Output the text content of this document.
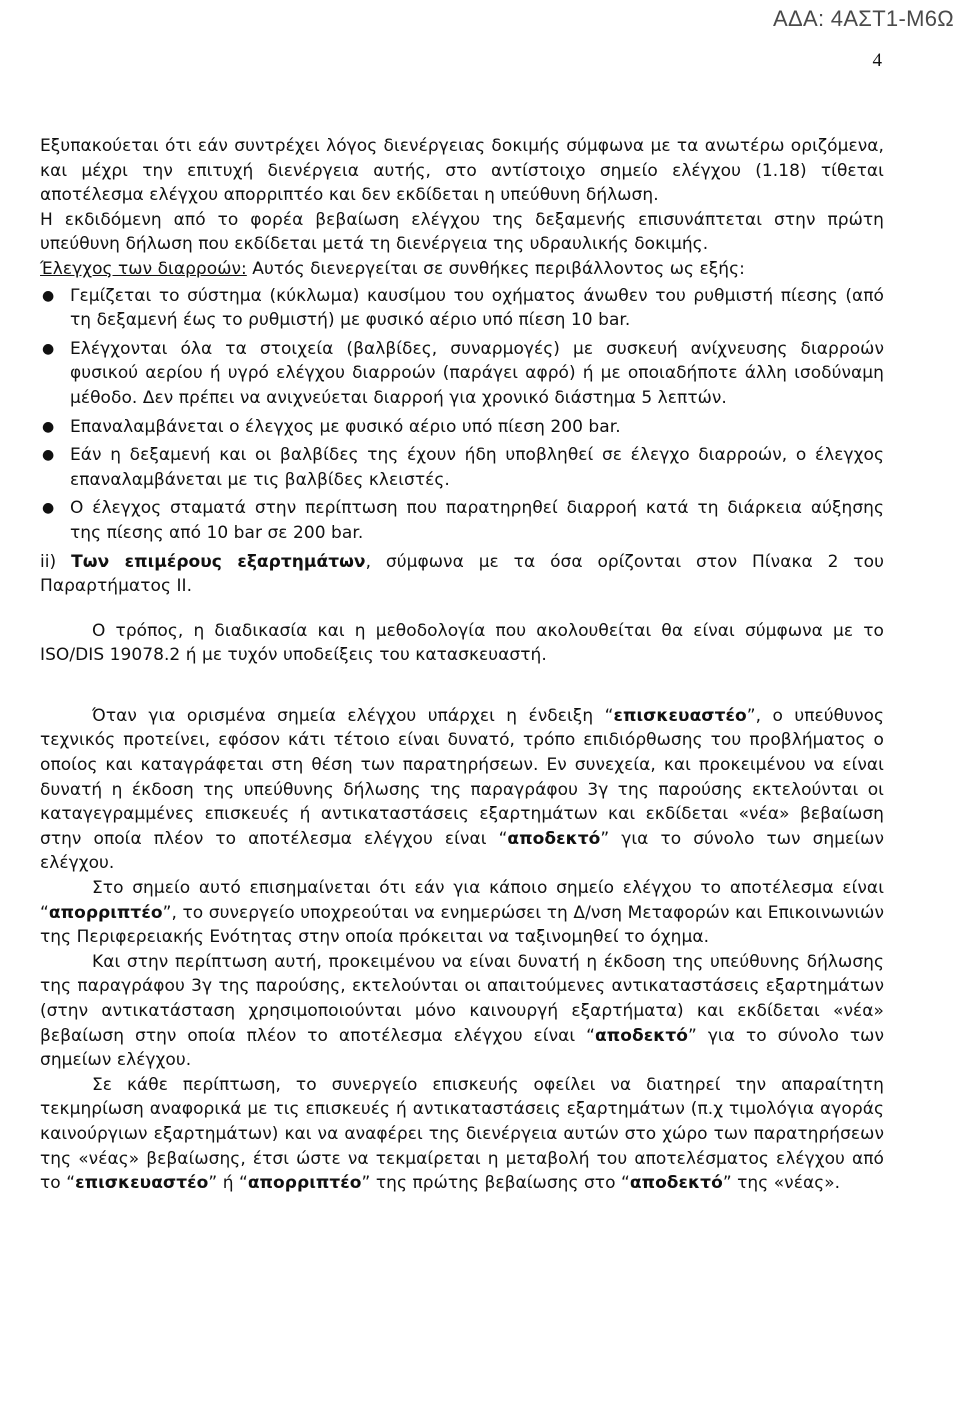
ΑΔΑ: 4ΑΣΤ1-Μ6Ω
4

Εξυπακούεται ότι εάν συντρέχει λόγος διενέργειας δοκιμής σύμφωνα με τα ανωτέρω οριζόμενα, και μέχρι την επιτυχή διενέργεια αυτής, στο αντίστοιχο σημείο ελέγχου (1.18) τίθεται αποτέλεσμα ελέγχου απορριπτέο και δεν εκδίδεται η υπεύθυνη δήλωση.

Η εκδιδόμενη από το φορέα βεβαίωση ελέγχου της δεξαμενής επισυνάπτεται στην πρώτη υπεύθυνη δήλωση που εκδίδεται μετά τη διενέργεια της υδραυλικής δοκιμής.

Έλεγχος των διαρροών: Αυτός διενεργείται σε συνθήκες περιβάλλοντος ως εξής:

● Γεμίζεται το σύστημα (κύκλωμα) καυσίμου του οχήματος άνωθεν του ρυθμιστή πίεσης (από τη δεξαμενή έως το ρυθμιστή) με φυσικό αέριο υπό πίεση 10 bar.
● Ελέγχονται όλα τα στοιχεία (βαλβίδες, συναρμογές) με συσκευή ανίχνευσης διαρροών φυσικού αερίου ή υγρό ελέγχου διαρροών (παράγει αφρό) ή με οποιαδήποτε άλλη ισοδύναμη μέθοδο. Δεν πρέπει να ανιχνεύεται διαρροή για χρονικό διάστημα 5 λεπτών.
● Επαναλαμβάνεται ο έλεγχος με φυσικό αέριο υπό πίεση 200 bar.
● Εάν η δεξαμενή και οι βαλβίδες της έχουν ήδη υποβληθεί σε έλεγχο διαρροών, ο έλεγχος επαναλαμβάνεται με τις βαλβίδες κλειστές.
● Ο έλεγχος σταματά στην περίπτωση που παρατηρηθεί διαρροή κατά τη διάρκεια αύξησης της πίεσης από 10 bar σε 200 bar.

ii) Των επιμέρους εξαρτημάτων, σύμφωνα με τα όσα ορίζονται στον Πίνακα 2 του Παραρτήματος ΙΙ.

Ο τρόπος, η διαδικασία και η μεθοδολογία που ακολουθείται θα είναι σύμφωνα με το ISO/DIS 19078.2 ή με τυχόν υποδείξεις του κατασκευαστή.

Όταν για ορισμένα σημεία ελέγχου υπάρχει η ένδειξη “επισκευαστέο”, ο υπεύθυνος τεχνικός προτείνει, εφόσον κάτι τέτοιο είναι δυνατό, τρόπο επιδιόρθωσης του προβλήματος ο οποίος και καταγράφεται στη θέση των παρατηρήσεων. Εν συνεχεία, και προκειμένου να είναι δυνατή η έκδοση της υπεύθυνης δήλωσης της παραγράφου 3γ της παρούσης εκτελούνται οι καταγεγραμμένες επισκευές ή αντικαταστάσεις εξαρτημάτων και εκδίδεται «νέα» βεβαίωση στην οποία πλέον το αποτέλεσμα ελέγχου είναι “αποδεκτό” για το σύνολο των σημείων ελέγχου.

Στο σημείο αυτό επισημαίνεται ότι εάν για κάποιο σημείο ελέγχου το αποτέλεσμα είναι “απορριπτέο”, το συνεργείο υποχρεούται να ενημερώσει τη Δ/νση Μεταφορών και Επικοινωνιών της Περιφερειακής Ενότητας στην οποία πρόκειται να ταξινομηθεί το όχημα.

Και στην περίπτωση αυτή, προκειμένου να είναι δυνατή η έκδοση της υπεύθυνης δήλωσης της παραγράφου 3γ της παρούσης, εκτελούνται οι απαιτούμενες αντικαταστάσεις εξαρτημάτων (στην αντικατάσταση χρησιμοποιούνται μόνο καινουργή εξαρτήματα) και εκδίδεται «νέα» βεβαίωση στην οποία πλέον το αποτέλεσμα ελέγχου είναι “αποδεκτό” για το σύνολο των σημείων ελέγχου.

Σε κάθε περίπτωση, το συνεργείο επισκευής οφείλει να διατηρεί την απαραίτητη τεκμηρίωση αναφορικά με τις επισκευές ή αντικαταστάσεις εξαρτημάτων (π.χ τιμολόγια αγοράς καινούργιων εξαρτημάτων) και να αναφέρει της διενέργεια αυτών στο χώρο των παρατηρήσεων της «νέας» βεβαίωσης, έτσι ώστε να τεκμαίρεται η μεταβολή του αποτελέσματος ελέγχου από το “επισκευαστέο” ή “απορριπτέο” της πρώτης βεβαίωσης στο “αποδεκτό” της «νέας».
